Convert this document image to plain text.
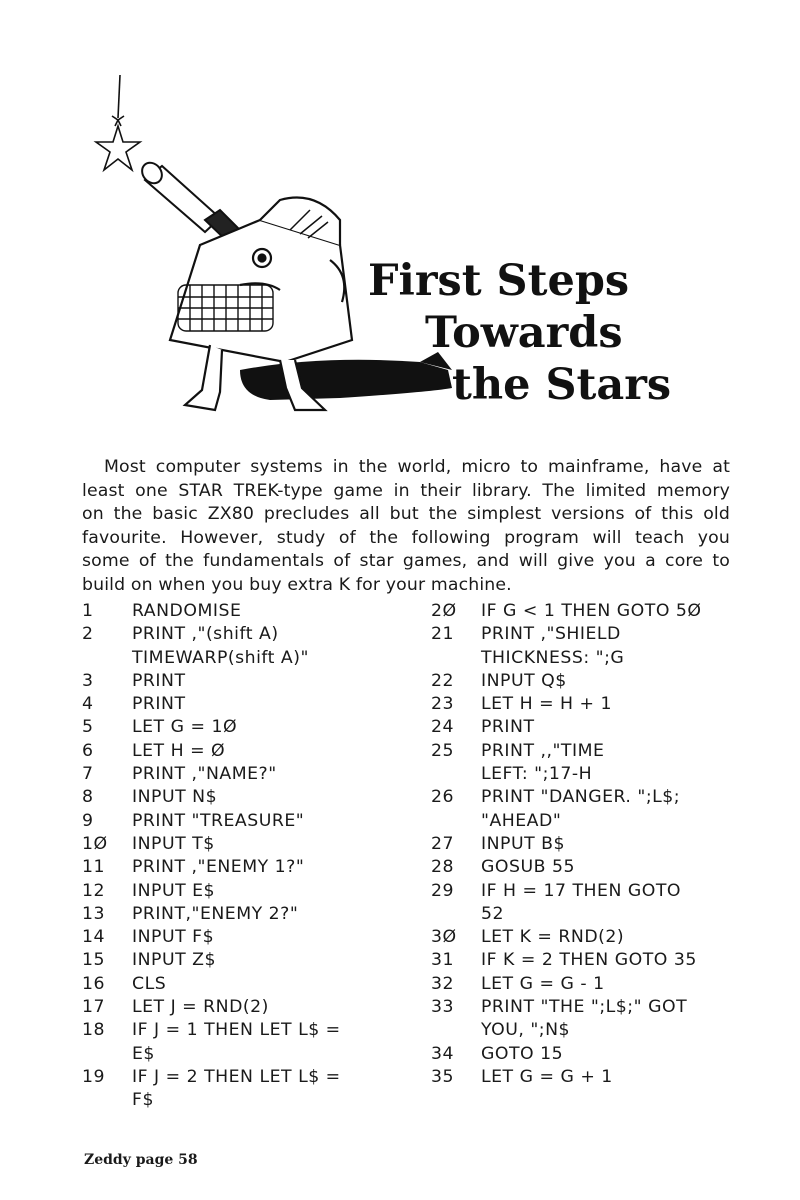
First Steps
Towards
the Stars

Most computer systems in the world, micro to mainframe, have at
least one STAR TREK-type game in their library. The limited memory
on the basic ZX80 precludes all but the simplest versions of this old
favourite. However, study of the following program will teach you
some of the fundamentals of star games, and will give you a core to
build on when you buy extra K for your machine.

1	RANDOMISE
2	PRINT ,"(shift A)
TIMEWARP(shift A)"
3	PRINT
4	PRINT
5	LET G = 1Ø
6	LET H = Ø
7	PRINT ,"NAME?"
8	INPUT N$
9	PRINT "TREASURE"
1Ø	INPUT T$
11	PRINT ,"ENEMY 1?"
12	INPUT E$
13	PRINT,"ENEMY 2?"
14	INPUT F$
15	INPUT Z$
16	CLS
17	LET J = RND(2)
18	IF J = 1 THEN LET L$ =
E$
19	IF J = 2 THEN LET L$ =
F$
2Ø	IF G < 1 THEN GOTO 5Ø
21	PRINT ,"SHIELD
THICKNESS: ";G
22	INPUT Q$
23	LET H = H + 1
24	PRINT
25	PRINT ,,"TIME
LEFT: ";17-H
26	PRINT "DANGER. ";L$;
"AHEAD"
27	INPUT B$
28	GOSUB 55
29	IF H = 17 THEN GOTO
52
3Ø	LET K = RND(2)
31	IF K = 2 THEN GOTO 35
32	LET G = G - 1
33	PRINT "THE ";L$;" GOT
YOU, ";N$
34	GOTO 15
35	LET G = G + 1
Zeddy page 58
